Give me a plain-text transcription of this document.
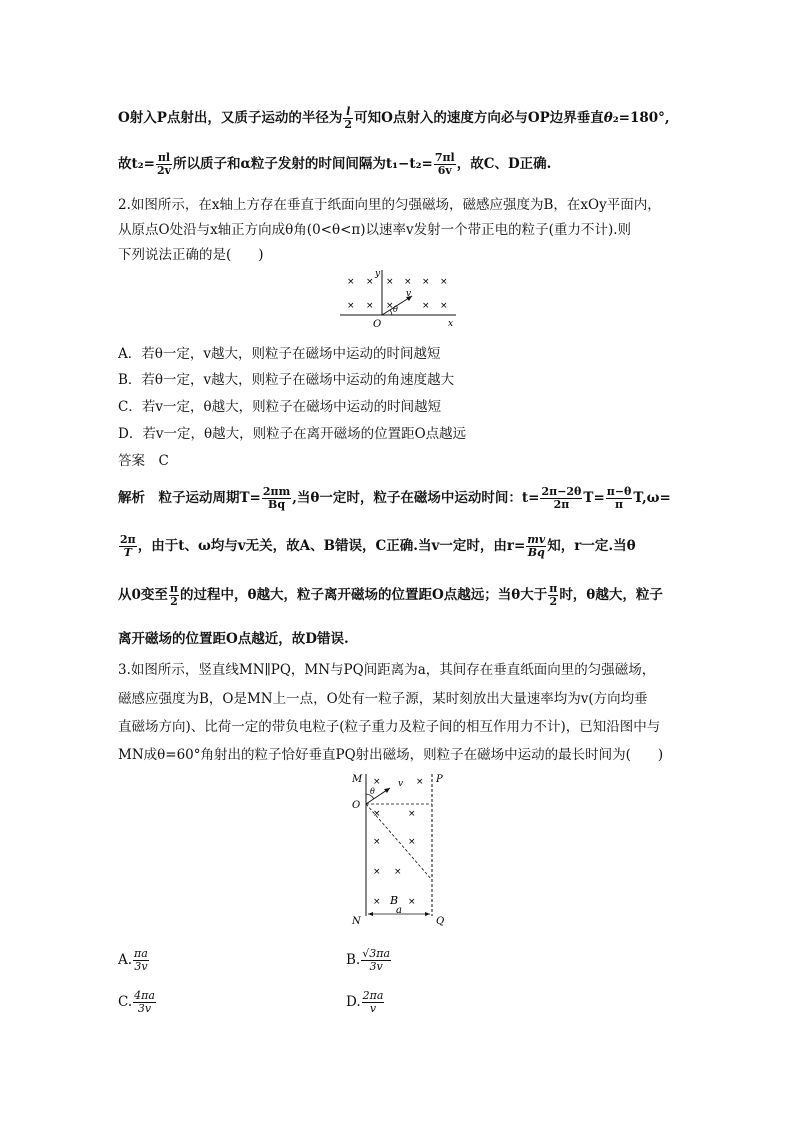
O射入P点射出，又质子运动的半径为 $\frac{l}{2}$ 可知O点射入的速度方向必与OP边界垂直θ₂=180°,
故$t_2= \frac{\pi l}{2v}$ 所以质子和α粒子发射的时间间隔为$t_1-t_2= \frac{7\pi l}{6v}$ ，故C、D正确.
2.如图所示，在x轴上方存在垂直于纸面向里的匀强磁场，磁感应强度为B，在xOy平面内，
从原点O处沿与x轴正方向成θ角(0<θ<π)以速率v发射一个带正电的粒子(重力不计).则
下列说法正确的是(　　)
× × × × × ×
× × ×	× ×
y
x
O
v
θ
A．若θ一定，v越大，则粒子在磁场中运动的时间越短
B．若θ一定，v越大，则粒子在磁场中运动的角速度越大
C．若v一定，θ越大，则粒子在磁场中运动的时间越短
D．若v一定，θ越大，则粒子在离开磁场的位置距O点越远
答案　C
解析　粒子运动周期$T= \frac{2\pi m}{Bq}$ ,当θ一定时，粒子在磁场中运动时间：$t= \frac{2\pi-2\theta}{2\pi} T= \frac{\pi-\theta}{\pi} T,\omega=$
$\frac{2\pi}{T}$ ，由于t、ω均与v无关，故A、B错误，C正确.当v一定时，由$r= \frac{mv}{Bq}$ 知，r一定.当θ
从0变至 $\frac{\pi}{2}$ 的过程中，θ越大，粒子离开磁场的位置距O点越远；当θ大于 $\frac{\pi}{2}$ 时，θ越大，粒子
离开磁场的位置距O点越近，故D错误.
3.如图所示，竖直线MN∥PQ，MN与PQ间距离为a，其间存在垂直纸面向里的匀强磁场，
磁感应强度为B，O是MN上一点，O处有一粒子源，某时刻放出大量速率均为v(方向均垂
直磁场方向)、比荷一定的带负电粒子(粒子重力及粒子间的相互作用力不计)，已知沿图中与
MN成θ=60°角射出的粒子恰好垂直PQ射出磁场，则粒子在磁场中运动的最长时间为(　　)
M	P
O
N	Q
v
θ
B
a
×	×
×	×
×	×
× ×
×	×
A. $\frac{\pi a}{3v}$	B. $\frac{√3\pi a}{3v}$
C. $\frac{4\pi a}{3v}$	D. $\frac{2\pi a}{v}$
